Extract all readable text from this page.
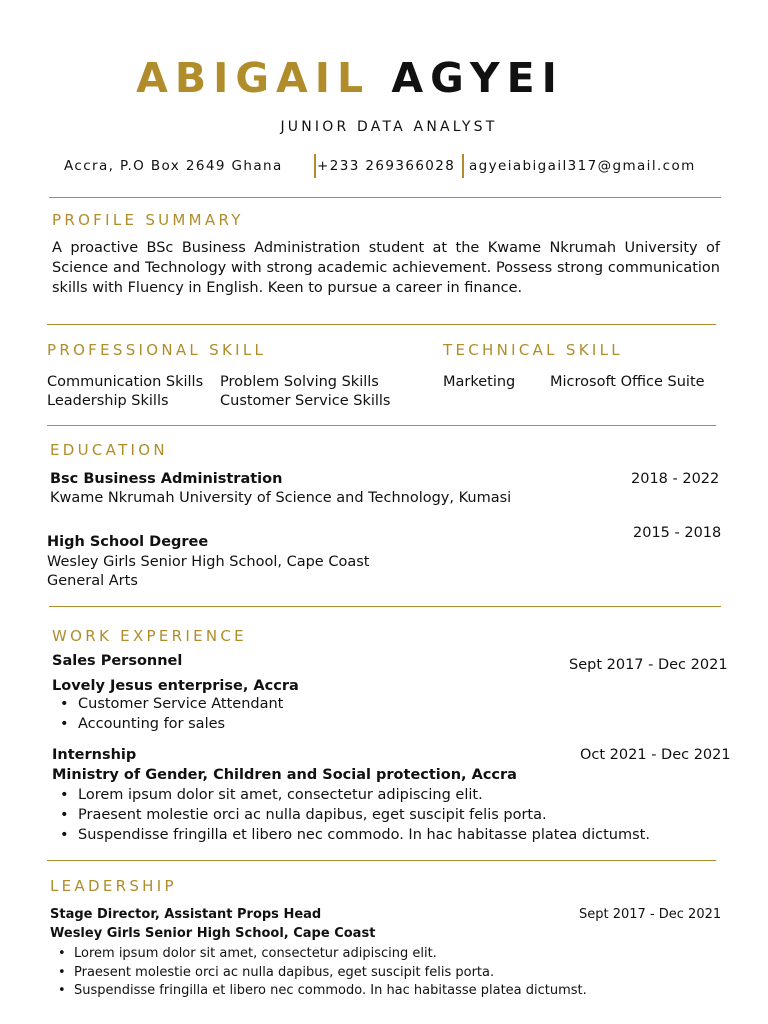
ABIGAIL AGYEI
JUNIOR DATA ANALYST
Accra, P.O Box 2649 Ghana	+233 269366028 agyeiabigail317@gmail.com
PROFILE SUMMARY
A proactive BSc Business Administration student at the Kwame Nkrumah University of Science and Technology with strong academic achievement. Possess strong communication skills with Fluency in English. Keen to pursue a career in finance.
PROFESSIONAL SKILL
Communication Skills Problem Solving Skills
Leadership Skills	Customer Service Skills
TECHNICAL SKILL
Marketing Microsoft Office Suite
EDUCATION
Bsc Business Administration	2018 - 2022
Kwame Nkrumah University of Science and Technology, Kumasi
High School Degree
2015 - 2018
Wesley Girls Senior High School, Cape Coast
General Arts
WORK EXPERIENCE
Sales Personnel	Sept 2017 - Dec 2021
Lovely Jesus enterprise, Accra
• Customer Service Attendant
• Accounting for sales
Internship	Oct 2021 - Dec 2021
Ministry of Gender, Children and Social protection, Accra
• Lorem ipsum dolor sit amet, consectetur adipiscing elit.
• Praesent molestie orci ac nulla dapibus, eget suscipit felis porta.
• Suspendisse fringilla et libero nec commodo. In hac habitasse platea dictumst.
LEADERSHIP
Stage Director, Assistant Props Head	Sept 2017 - Dec 2021
Wesley Girls Senior High School, Cape Coast
• Lorem ipsum dolor sit amet, consectetur adipiscing elit.
• Praesent molestie orci ac nulla dapibus, eget suscipit felis porta.
• Suspendisse fringilla et libero nec commodo. In hac habitasse platea dictumst.
